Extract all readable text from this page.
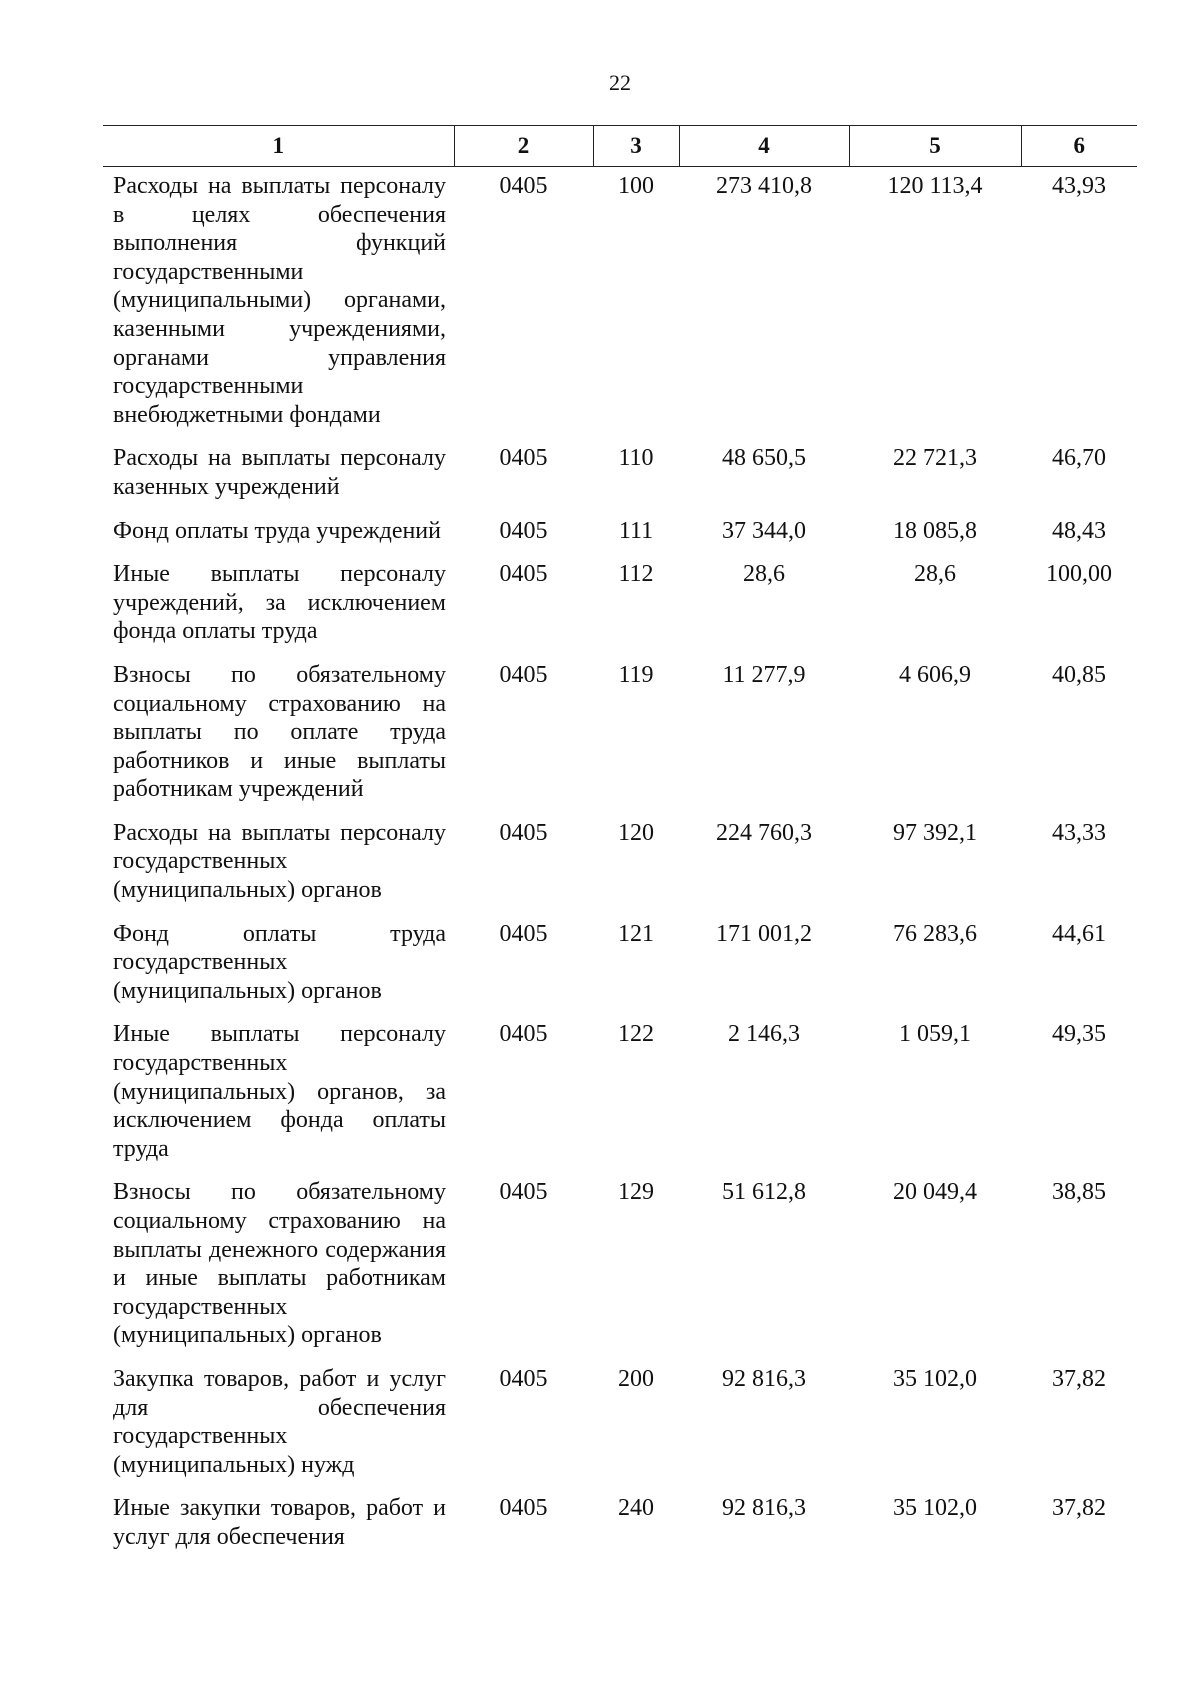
22
1	2	3	4	5	6
Расходы на выплаты персоналу в целях обеспечения выполнения функций государственными (муниципальными) органами, казенными учреждениями, органами управления государственными внебюджетными фондами	0405	100	273 410,8	120 113,4	43,93
Расходы на выплаты персоналу казенных учреждений	0405	110	48 650,5	22 721,3	46,70
Фонд оплаты труда учреждений	0405	111	37 344,0	18 085,8	48,43
Иные выплаты персоналу учреждений, за исключением фонда оплаты труда	0405	112	28,6	28,6	100,00
Взносы по обязательному социальному страхованию на выплаты по оплате труда работников и иные выплаты работникам учреждений	0405	119	11 277,9	4 606,9	40,85
Расходы на выплаты персоналу государственных (муниципальных) органов	0405	120	224 760,3	97 392,1	43,33
Фонд оплаты труда государственных (муниципальных) органов	0405	121	171 001,2	76 283,6	44,61
Иные выплаты персоналу государственных (муниципальных) органов, за исключением фонда оплаты труда	0405	122	2 146,3	1 059,1	49,35
Взносы по обязательному социальному страхованию на выплаты денежного содержания и иные выплаты работникам государственных (муниципальных) органов	0405	129	51 612,8	20 049,4	38,85
Закупка товаров, работ и услуг для обеспечения государственных (муниципальных) нужд	0405	200	92 816,3	35 102,0	37,82
Иные закупки товаров, работ и услуг для обеспечения	0405	240	92 816,3	35 102,0	37,82
